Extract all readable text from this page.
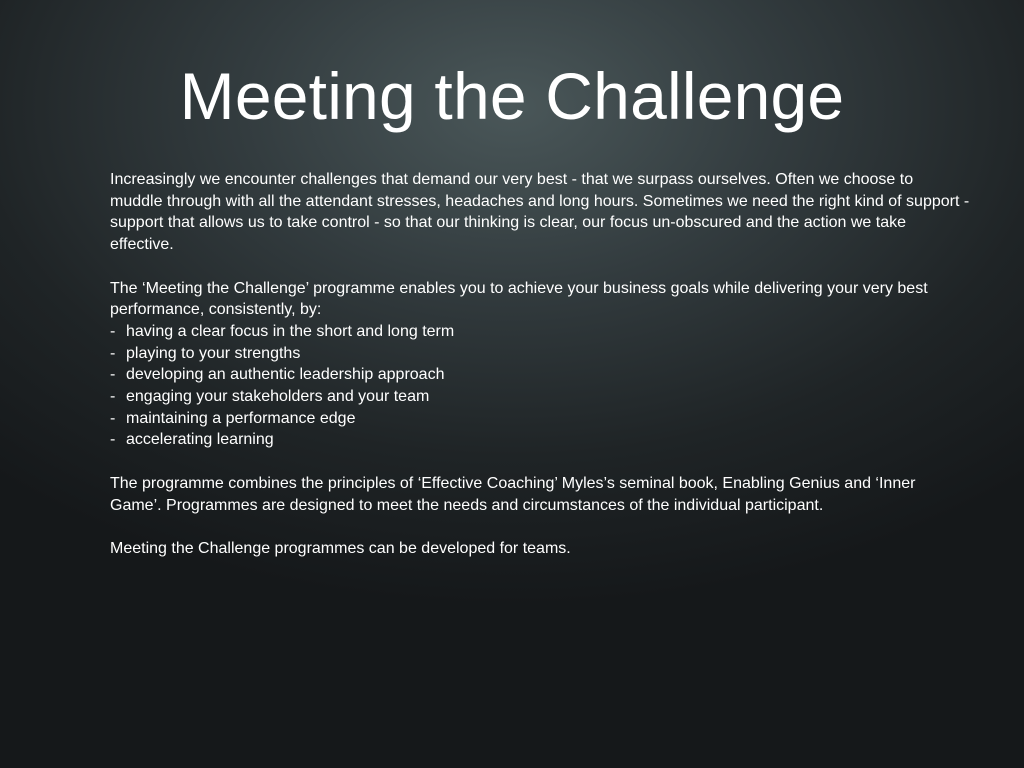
Meeting the Challenge

Increasingly we encounter challenges that demand our very best - that we surpass ourselves. Often we choose to muddle through with all the attendant stresses, headaches and long hours. Sometimes we need the right kind of support - support that allows us to take control - so that our thinking is clear, our focus un-obscured and the action we take effective.

The ‘Meeting the Challenge’ programme enables you to achieve your business goals while delivering your very best performance, consistently, by:

- having a clear focus in the short and long term
- playing to your strengths
- developing an authentic leadership approach
- engaging your stakeholders and your team
- maintaining a performance edge
- accelerating learning

The programme combines the principles of ‘Effective Coaching’ Myles’s seminal book, Enabling Genius and ‘Inner Game’. Programmes are designed to meet the needs and circumstances of the individual participant.

Meeting the Challenge programmes can be developed for teams.
